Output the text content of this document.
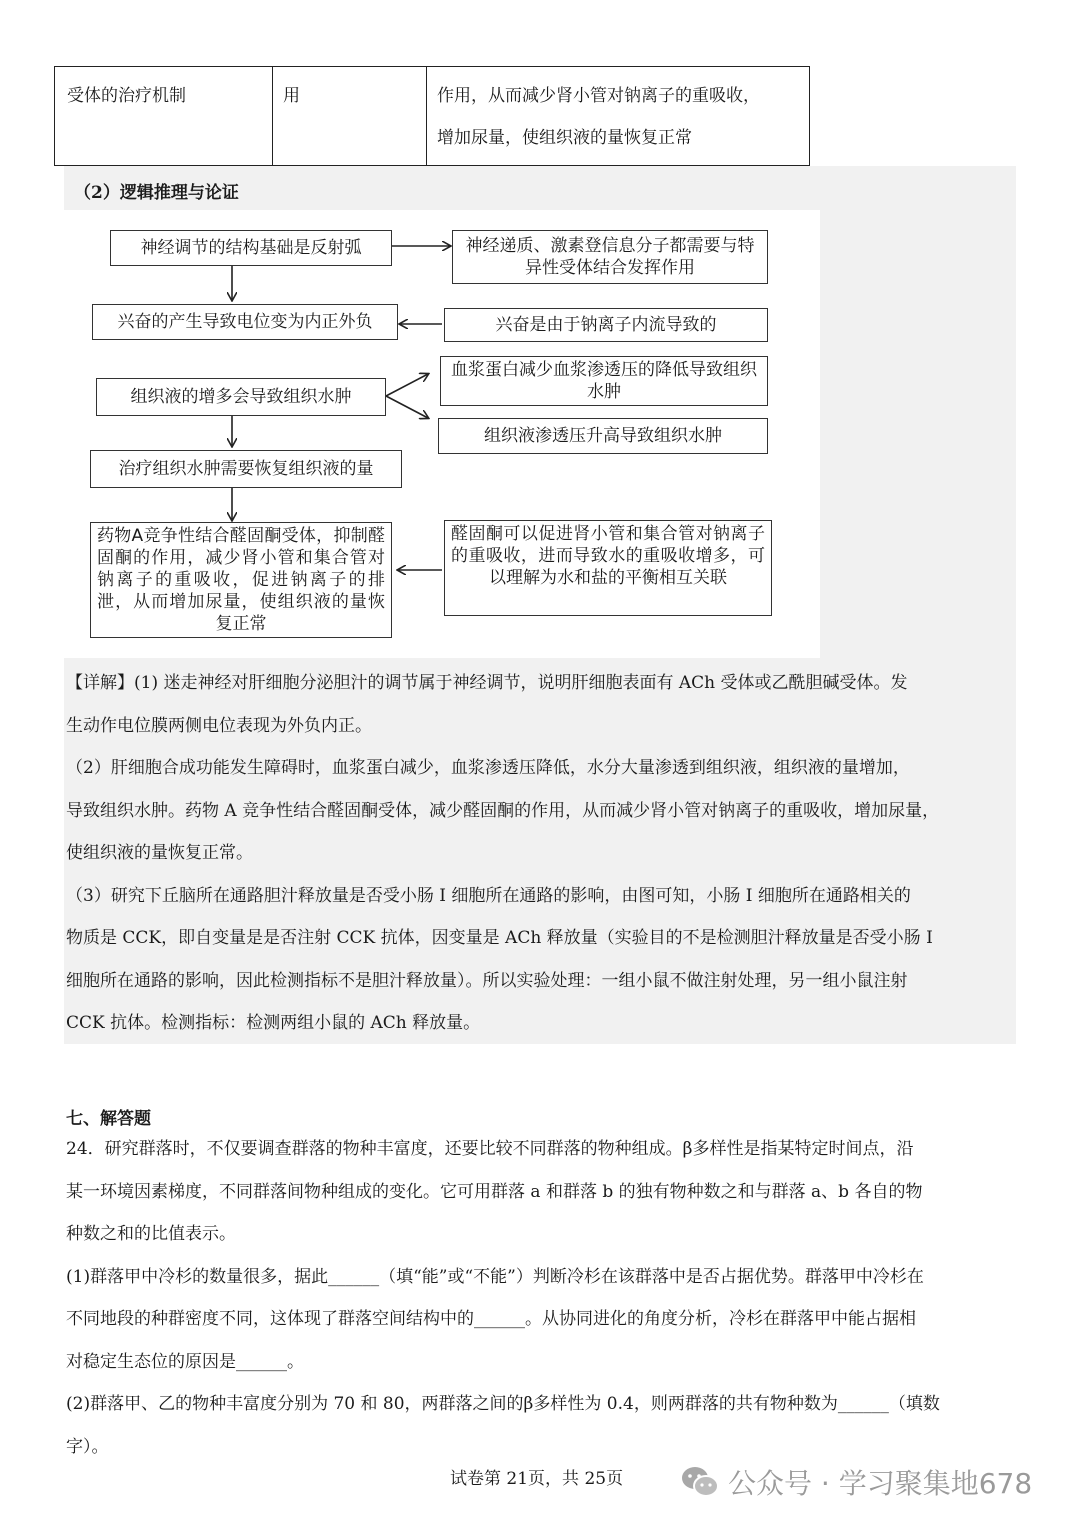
受体的治疗机制	用	作用，从而减少肾小管对钠离子的重吸收，
增加尿量，使组织液的量恢复正常
（2）逻辑推理与论证
神经调节的结构基础是反射弧	神经递质、激素登信息分子都需要与特异性受体结合发挥作用
兴奋的产生导致电位变为内正外负	兴奋是由于钠离子内流导致的
组织液的增多会导致组织水肿
血浆蛋白减少血浆渗透压的降低导致组织水肿
组织液渗透压升高导致组织水肿
治疗组织水肿需要恢复组织液的量
药物A竞争性结合醛固酮受体，抑制醛固酮的作用，减少肾小管和集合管对钠离子的重吸收，促进钠离子的排泄，从而增加尿量，使组织液的量恢复正常
醛固酮可以促进肾小管和集合管对钠离子的重吸收，进而导致水的重吸收增多，可以理解为水和盐的平衡相互关联
【详解】(1) 迷走神经对肝细胞分泌胆汁的调节属于神经调节，说明肝细胞表面有 ACh 受体或乙酰胆碱受体。发
生动作电位膜两侧电位表现为外负内正。
（2）肝细胞合成功能发生障碍时，血浆蛋白减少，血浆渗透压降低，水分大量渗透到组织液，组织液的量增加，
导致组织水肿。药物 A 竞争性结合醛固酮受体，减少醛固酮的作用，从而减少肾小管对钠离子的重吸收，增加尿量，
使组织液的量恢复正常。
（3）研究下丘脑所在通路胆汁释放量是否受小肠 I 细胞所在通路的影响，由图可知，小肠 I 细胞所在通路相关的
物质是 CCK，即自变量是是否注射 CCK 抗体，因变量是 ACh 释放量（实验目的不是检测胆汁释放量是否受小肠 I
细胞所在通路的影响，因此检测指标不是胆汁释放量）。所以实验处理：一组小鼠不做注射处理，另一组小鼠注射
CCK 抗体。检测指标：检测两组小鼠的 ACh 释放量。
七、解答题
24．研究群落时，不仅要调查群落的物种丰富度，还要比较不同群落的物种组成。β多样性是指某特定时间点，沿
某一环境因素梯度，不同群落间物种组成的变化。它可用群落 a 和群落 b 的独有物种数之和与群落 a、b 各自的物
种数之和的比值表示。
(1)群落甲中冷杉的数量很多，据此______（填“能”或“不能”）判断冷杉在该群落中是否占据优势。群落甲中冷杉在
不同地段的种群密度不同，这体现了群落空间结构中的______。从协同进化的角度分析，冷杉在群落甲中能占据相
对稳定生态位的原因是______。
(2)群落甲、乙的物种丰富度分别为 70 和 80，两群落之间的β多样性为 0.4，则两群落的共有物种数为______（填数
字）。
试卷第 21页，共 25页	公众号 · 学习聚集地678
